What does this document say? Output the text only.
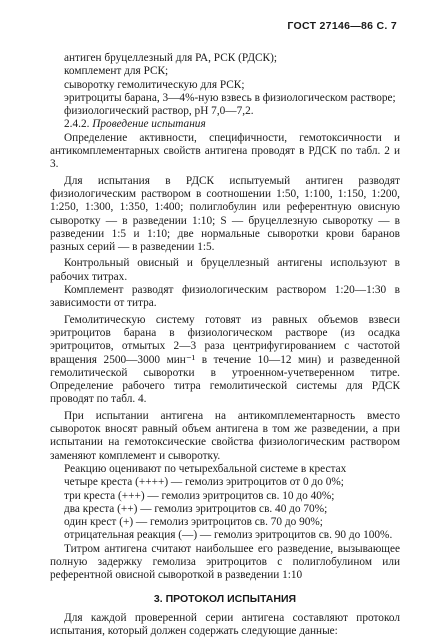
ГОСТ 27146—86 С. 7

антиген бруцеллезный для РА, РСК (РДСК);

комплемент для РСК;

сыворотку гемолитическую для РСК;

эритроциты барана, 3—4%-ную взвесь в физиологическом растворе;

физиологический раствор, pH 7,0—7,2.

2.4.2. Проведение испытания

Определение активности, специфичности, гемотоксичности и антикомплементарных свойств антигена проводят в РДСК по табл. 2 и 3.

Для испытания в РДСК испытуемый антиген разводят физиологическим раствором в соотношении 1:50, 1:100, 1:150, 1:200, 1:250, 1:300, 1:350, 1:400; полиглобулин или референтную овисную сыворотку — в разведении 1:10; S — бруцеллезную сыворотку — в разведении 1:5 и 1:10; две нормальные сыворотки крови баранов разных серий — в разведении 1:5.

Контрольный овисный и бруцеллезный антигены используют в рабочих титрах.

Комплемент разводят физиологическим раствором 1:20—1:30 в зависимости от титра.

Гемолитическую систему готовят из равных объемов взвеси эритроцитов барана в физиологическом растворе (из осадка эритроцитов, отмытых 2—3 раза центрифугированием с частотой вращения 2500—3000 мин⁻¹ в течение 10—12 мин) и разведенной гемолитической сыворотки в утроенном-учетверенном титре. Определение рабочего титра гемолитической системы для РДСК проводят по табл. 4.

При испытании антигена на антикомплементарность вместо сывороток вносят равный объем антигена в том же разведении, а при испытании на гемотоксические свойства физиологическим раствором заменяют комплемент и сыворотку.

Реакцию оценивают по четырехбальной системе в крестах

четыре креста (++++) — гемолиз эритроцитов от 0 до 0%;

три креста (+++) — гемолиз эритроцитов св. 10 до 40%;

два креста (++) — гемолиз эритроцитов св. 40 до 70%;

один крест (+) — гемолиз эритроцитов св. 70 до 90%;

отрицательная реакция (—) — гемолиз эритроцитов св. 90 до 100%.

Титром антигена считают наибольшее его разведение, вызывающее полную задержку гемолиза эритроцитов с полиглобулином или референтной овисной сывороткой в разведении 1:10

3. ПРОТОКОЛ ИСПЫТАНИЯ

Для каждой проверенной серии антигена составляют протокол испытания, который должен содержать следующие данные:
